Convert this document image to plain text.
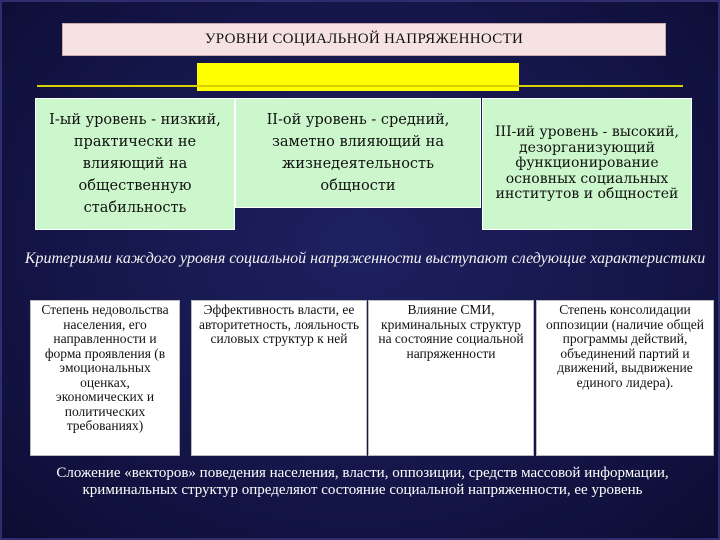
УРОВНИ СОЦИАЛЬНОЙ НАПРЯЖЕННОСТИ
I-ый уровень - низкий, практически не влияющий на общественную стабильность
II-ой уровень - средний, заметно влияющий на жизнедеятельность общности
III-ий уровень - высокий, дезорганизующий функционирование основных социальных институтов и общностей
Критериями каждого уровня социальной напряженности выступают следующие характеристики
Степень недовольства населения, его направленности и форма проявления (в эмоциональных оценках, экономических и политических требованиях)
Эффективность власти, ее авторитетность, лояльность силовых структур к ней
Влияние СМИ, криминальных структур на состояние социальной напряженности
Степень консолидации оппозиции (наличие общей программы действий, объединений партий и движений, выдвижение единого лидера).
Сложение «векторов» поведения населения, власти, оппозиции, средств массовой информации, криминальных структур определяют состояние социальной напряженности, ее уровень
